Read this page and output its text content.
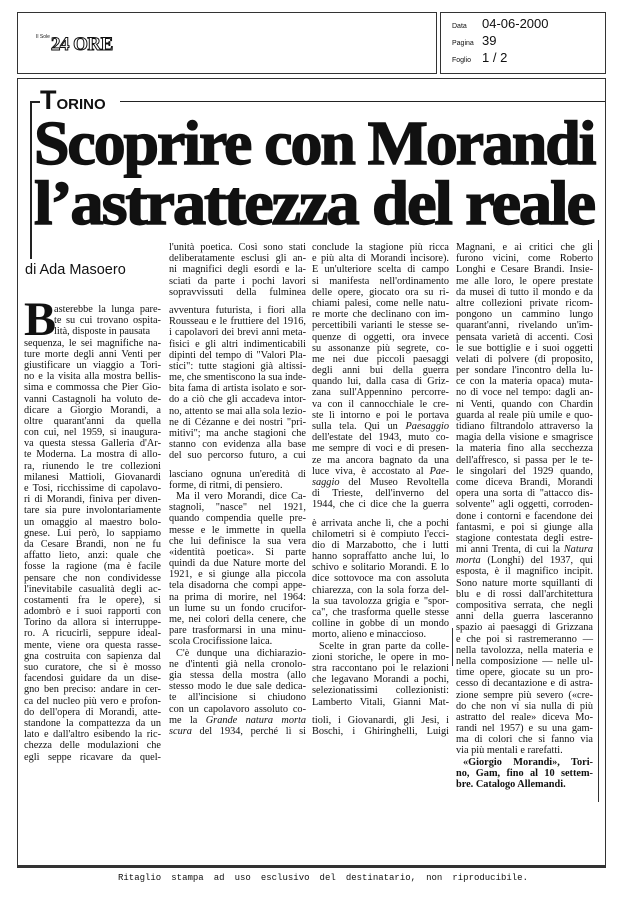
$^{Il Sole}$24 ORE
Data 04-06-2000
Pagina 39
Foglio 1 / 2
TORINO
Scoprire con Morandi
l’astrattezza del reale
di Ada Masoero
B
asterebbe la lunga pare-
te su cui trovano ospita-
lità, disposte in pausata
sequenza, le sei magnifiche na-
ture morte degli anni Venti per
giustificare un viaggio a Tori-
no e la visita alla mostra bellis-
sima e commossa che Pier Gio-
vanni Castagnoli ha voluto de-
dicare a Giorgio Morandi, a
oltre quarant'anni da quella
con cui, nel 1959, si inaugura-
va questa stessa Galleria d'Ar-
te Moderna. La mostra di allo-
ra, riunendo le tre collezioni
milanesi Mattioli, Giovanardi
e Tosi, ricchissime di capolavo-
ri di Morandi, finiva per diven-
tare sia pure involontariamente
un omaggio al maestro bolo-
gnese. Lui però, lo sappiamo
da Cesare Brandi, non ne fu
affatto lieto, anzi: quale che
fosse la ragione (ma è facile
pensare che non condividesse
l'inevitabile casualità degli ac-
costamenti fra le opere), si
adombrò e i suoi rapporti con
Torino da allora si interruppe-
ro. A ricucirli, seppure ideal-
mente, viene ora questa rasse-
gna costruita con sapienza dal
suo curatore, che si è mosso
facendosi guidare da un dise-
gno ben preciso: andare in cer-
ca del nucleo più vero e profon-
do dell'opera di Morandi, atte-
standone la compattezza da un
lato e dall'altro esibendo la ric-
chezza delle modulazioni che
egli seppe ricavare da quel-
l'unità poetica. Così sono stati
deliberatamente esclusi gli an-
ni magnifici degli esordi e la-
sciati da parte i pochi lavori
sopravvissuti della fulminea
avventura futurista, i fiori alla
Rousseau e le fruttiere del 1916,
i capolavori dei brevi anni meta-
fisici e gli altri indimenticabili
dipinti del tempo di "Valori Pla-
stici": tutte stagioni già altissi-
me, che smentiscono la sua inde-
bita fama di artista isolato e sor-
do a ciò che gli accadeva intor-
no, attento se mai alla sola lezio-
ne di Cézanne e dei nostri "pri-
mitivi"; ma anche stagioni che
stanno con evidenza alla base
del suo percorso futuro, a cui
lasciano ognuna un'eredità di
forme, di ritmi, di pensiero.
Ma il vero Morandi, dice Ca-
stagnoli, "nasce" nel 1921,
quando compendia quelle pre-
messe e le immette in quella
che lui definisce la sua vera
«identità poetica». Si parte
quindi da due Nature morte del
1921, e si giunge alla piccola
tela disadorna che compì appe-
na prima di morire, nel 1964:
un lume su un fondo crucifor-
me, nei colori della cenere, che
pare trasformarsi in una minu-
scola Crocifissione laica.
C'è dunque una dichiarazio-
ne d'intenti già nella cronolo-
gia stessa della mostra (allo
stesso modo le due sale dedica-
te all'incisione si chiudono
con un capolavoro assoluto co-
me la Grande natura morta
scura del 1934, perché lì si
conclude la stagione più ricca
e più alta di Morandi incisore).
E un'ulteriore scelta di campo
si manifesta nell'ordinamento
delle opere, giocato ora su ri-
chiami palesi, come nelle natu-
re morte che declinano con im-
percettibili varianti le stesse se-
quenze di oggetti, ora invece
su assonanze più segrete, co-
me nei due piccoli paesaggi
degli anni bui della guerra
quando lui, dalla casa di Griz-
zana sull'Appennino percorre-
va con il cannocchiale le cre-
ste lì intorno e poi le portava
sulla tela. Qui un Paesaggio
dell'estate del 1943, muto co-
me sempre di voci e di presen-
ze ma ancora bagnato da una
luce viva, è accostato al Pae-
saggio del Museo Revoltella
di Trieste, dell'inverno del
1944, che ci dice che la guerra
è arrivata anche lì, che a pochi
chilometri si è compiuto l'ecci-
dio di Marzabotto, che i lutti
hanno sopraffatto anche lui, lo
schivo e solitario Morandi. E lo
dice sottovoce ma con assoluta
chiarezza, con la sola forza del-
la sua tavolozza grigia e "spor-
ca", che trasforma quelle stesse
colline in gobbe di un mondo
morto, alieno e minaccioso.
Scelte in gran parte da colle-
zioni storiche, le opere in mo-
stra raccontano poi le relazioni
che legavano Morandi a pochi,
selezionatissimi collezionisti:
Lamberto Vitali, Gianni Mat-
tioli, i Giovanardi, gli Jesi, i
Boschi, i Ghiringhelli, Luigi
Magnani, e ai critici che gli
furono vicini, come Roberto
Longhi e Cesare Brandi. Insie-
me alle loro, le opere prestate
da musei di tutto il mondo e da
altre collezioni private ricom-
pongono un cammino lungo
quarant'anni, rivelando un'im-
pensata varietà di accenti. Così
le sue bottiglie e i suoi oggetti
velati di polvere (di proposito,
per sondare l'incontro della lu-
ce con la materia opaca) muta-
no di voce nel tempo: dagli an-
ni Venti, quando con Chardin
guarda al reale più umile e quo-
tidiano filtrandolo attraverso la
magia della visione e smagrisce
la materia fino alla secchezza
dell'affresco, si passa per le te-
le singolari del 1929 quando,
come diceva Brandi, Morandi
opera una sorta di "attacco dis-
solvente" agli oggetti, corroden-
done i contorni e facendone dei
fantasmi, e poi si giunge alla
stagione contestata degli estre-
mi anni Trenta, di cui la Natura
morta (Longhi) del 1937, qui
esposta, è il magnifico incipit.
Sono nature morte squillanti di
blu e di rossi dall'architettura
compositiva serrata, che negli
anni della guerra lasceranno
spazio ai paesaggi di Grizzana
e che poi si rastremeranno —
nella tavolozza, nella materia e
nella composizione — nelle ul-
time opere, giocate su un pro-
cesso di decantazione e di astra-
zione sempre più severo («cre-
do che non vi sia nulla di più
astratto del reale» diceva Mo-
randi nel 1957) e su una gam-
ma di colori che si fanno via
via più mentali e rarefatti.
«Giorgio Morandi», Tori-
no, Gam, fino al 10 settem-
bre. Catalogo Allemandi.
Ritaglio stampa ad uso esclusivo del destinatario, non riproducibile.
